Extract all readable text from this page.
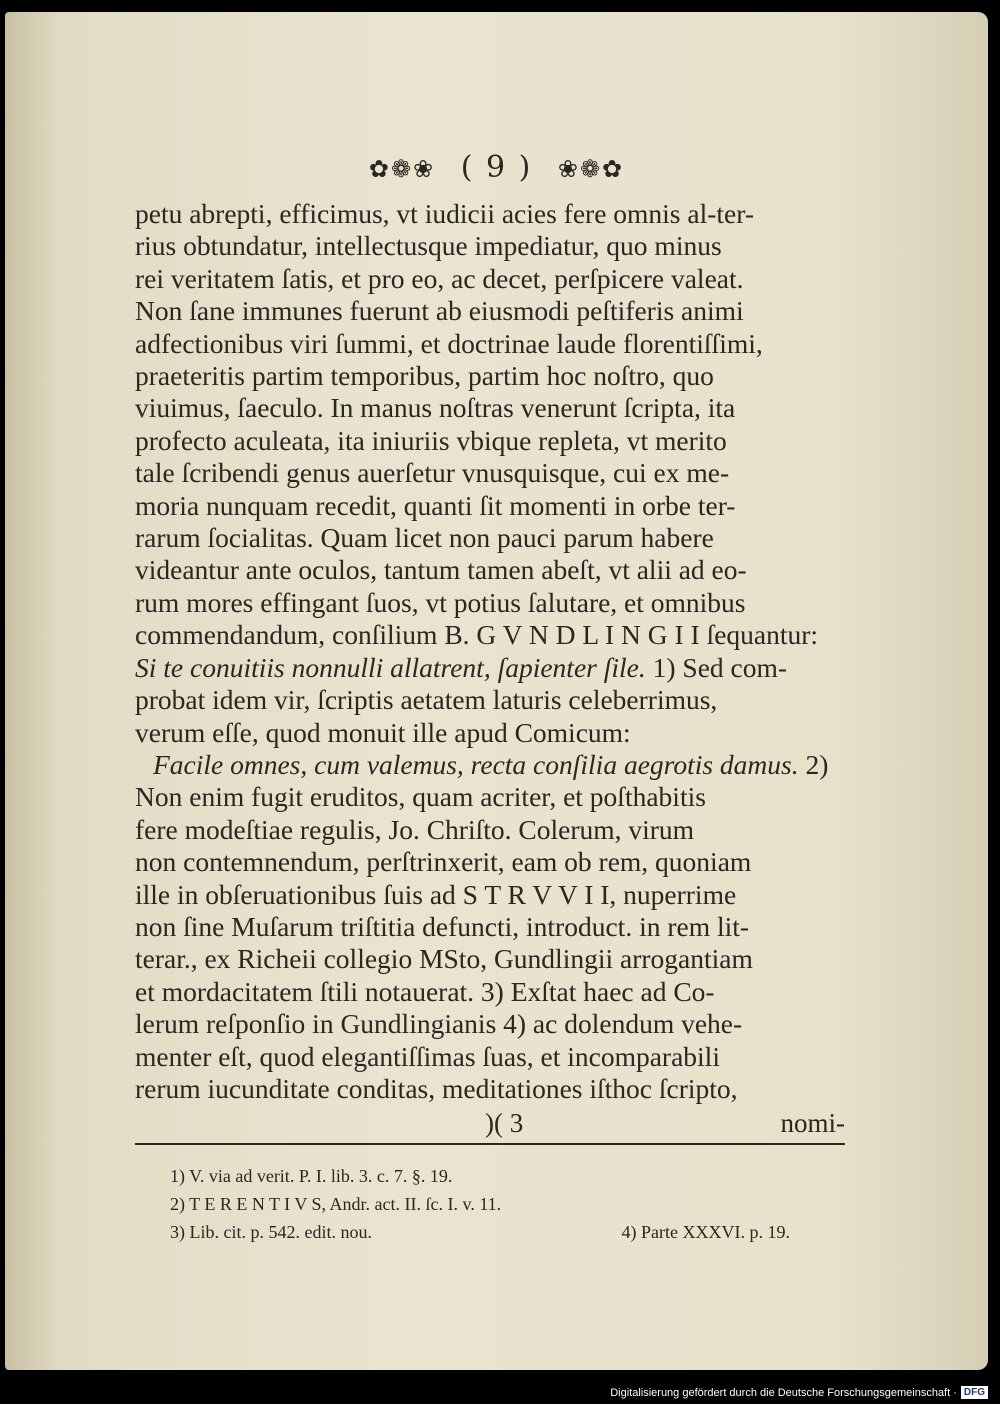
✿❁❀ ( 9 ) ❀❁✿
petu abrepti, efficimus, vt iudicii acies fere omnis al-ter-
rius obtundatur, intellectusque impediatur, quo minus
rei veritatem ſatis, et pro eo, ac decet, perſpicere valeat.
Non ſane immunes fuerunt ab eiusmodi peſtiferis animi
adfectionibus viri ſummi, et doctrinae laude florentiſſimi,
praeteritis partim temporibus, partim hoc noſtro, quo
viuimus, ſaeculo. In manus noſtras venerunt ſcripta, ita
profecto aculeata, ita iniuriis vbique repleta, vt merito
tale ſcribendi genus auerſetur vnusquisque, cui ex me-
moria nunquam recedit, quanti ſit momenti in orbe ter-
rarum ſocialitas. Quam licet non pauci parum habere
videantur ante oculos, tantum tamen abeſt, vt alii ad eo-
rum mores effingant ſuos, vt potius ſalutare, et omnibus
commendandum, conſilium B. G V N D L I N G I I ſequantur:
Si te conuitiis nonnulli allatrent, ſapienter ſile. 1) Sed com-
probat idem vir, ſcriptis aetatem laturis celeberrimus,
verum eſſe, quod monuit ille apud Comicum:
Facile omnes, cum valemus, recta conſilia aegrotis damus. 2)
Non enim fugit eruditos, quam acriter, et poſthabitis
fere modeſtiae regulis, Jo. Chriſto. Colerum, virum
non contemnendum, perſtrinxerit, eam ob rem, quoniam
ille in obſeruationibus ſuis ad S T R V V I I, nuperrime
non ſine Muſarum triſtitia defuncti, introduct. in rem lit-
terar., ex Richeii collegio MSto, Gundlingii arrogantiam
et mordacitatem ſtili notauerat. 3) Exſtat haec ad Co-
lerum reſponſio in Gundlingianis 4) ac dolendum vehe-
menter eſt, quod elegantiſſimas ſuas, et incomparabili
rerum iucunditate conditas, meditationes iſthoc ſcripto,
)( 3	nomi-
1) V. via ad verit. P. I. lib. 3. c. 7. §. 19.
2) T E R E N T I V S, Andr. act. II. ſc. I. v. 11.
3) Lib. cit. p. 542. edit. nou.	4) Parte XXXVI. p. 19.
Digitalisierung gefördert durch die Deutsche Forschungsgemeinschaft · DFG
